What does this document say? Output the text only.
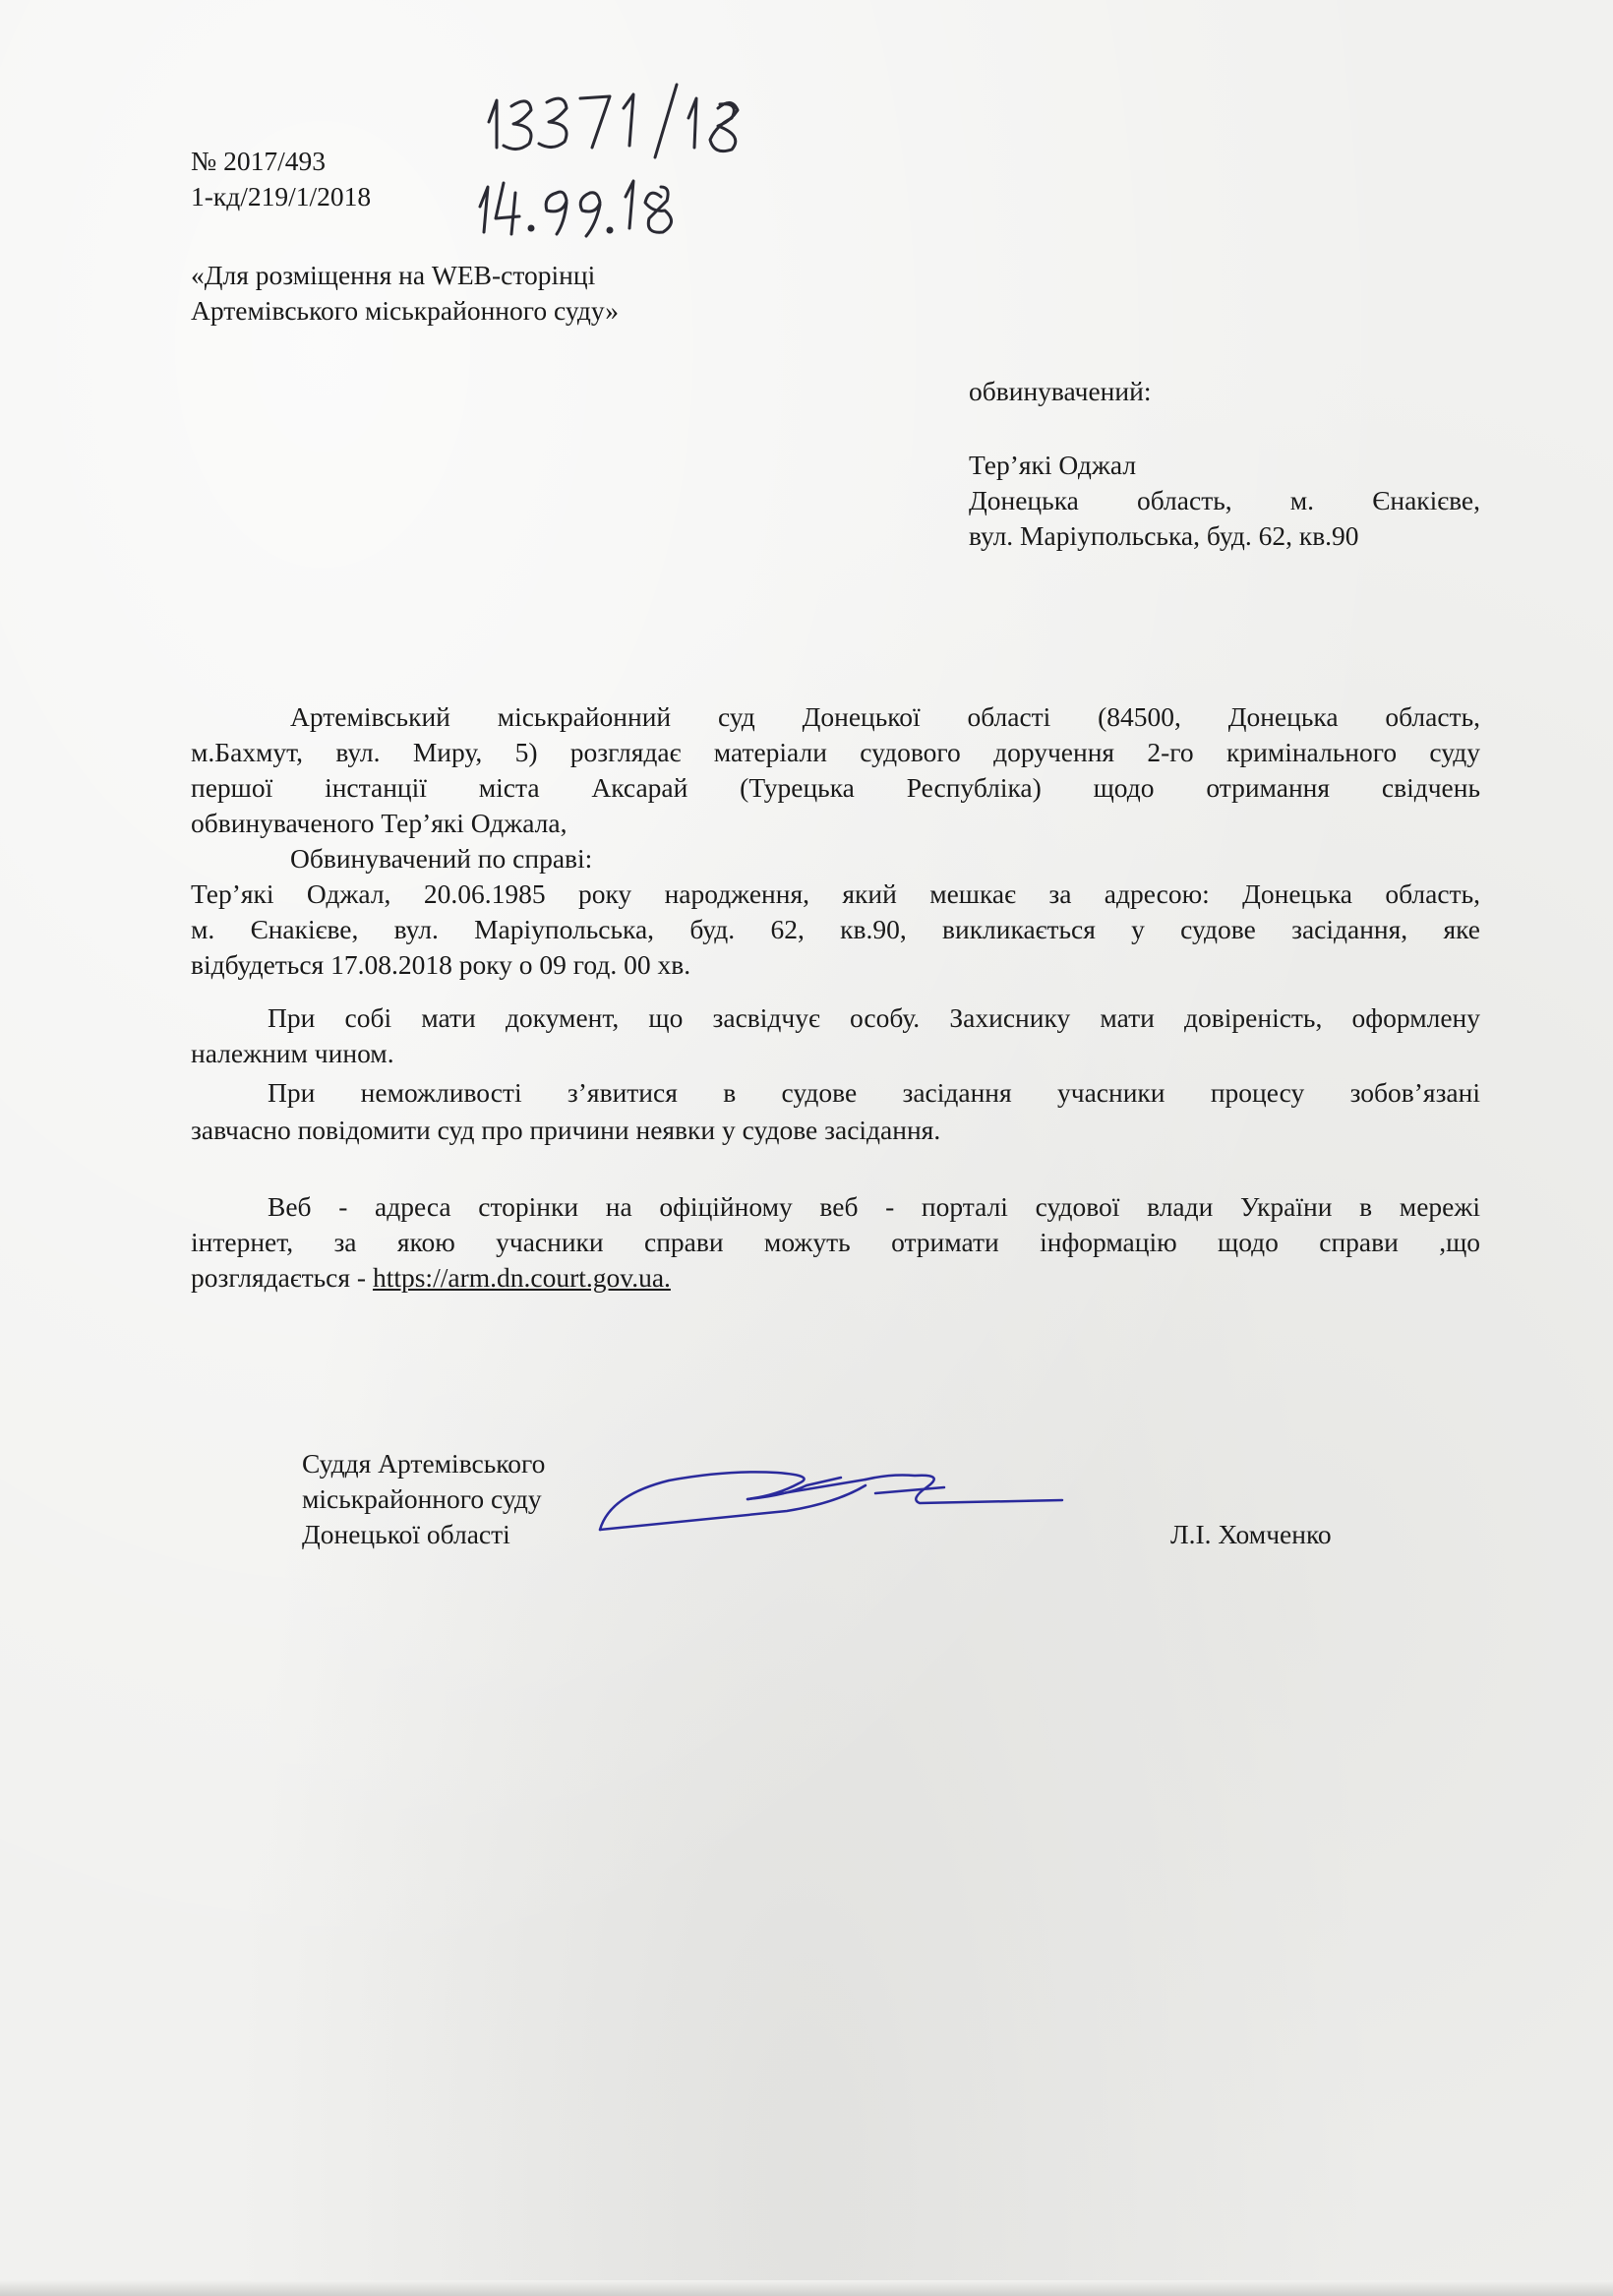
№ 2017/493
1-кд/219/1/2018
«Для розміщення на WEB-сторінці
Артемівського міськрайонного суду»
обвинувачений:
Тер’які Оджал
Донецька область, м. Єнакієве,
вул. Маріупольська, буд. 62, кв.90
Артемівський міськрайонний суд Донецької області (84500, Донецька область,
м.Бахмут, вул. Миру, 5) розглядає матеріали судового доручення 2-го кримінального суду
першої інстанції міста Аксарай (Турецька Республіка) щодо отримання свідчень
обвинуваченого Тер’які Оджала,
Обвинувачений по справі:
Тер’які Оджал, 20.06.1985 року народження, який мешкає за адресою: Донецька область,
м. Єнакієве, вул. Маріупольська, буд. 62, кв.90, викликається у судове засідання, яке
відбудеться 17.08.2018 року о 09 год. 00 хв.
При собі мати документ, що засвідчує особу. Захиснику мати довіреність, оформлену
належним чином.
При неможливості з’явитися в судове засідання учасники процесу зобов’язані
завчасно повідомити суд про причини неявки у судове засідання.
Веб - адреса сторінки на офіційному веб - порталі судової влади України в мережі
інтернет, за якою учасники справи можуть отримати інформацію щодо справи ,що
розглядається - https://arm.dn.court.gov.ua.
Суддя Артемівського
міськрайонного суду
Донецької області	Л.І. Хомченко
